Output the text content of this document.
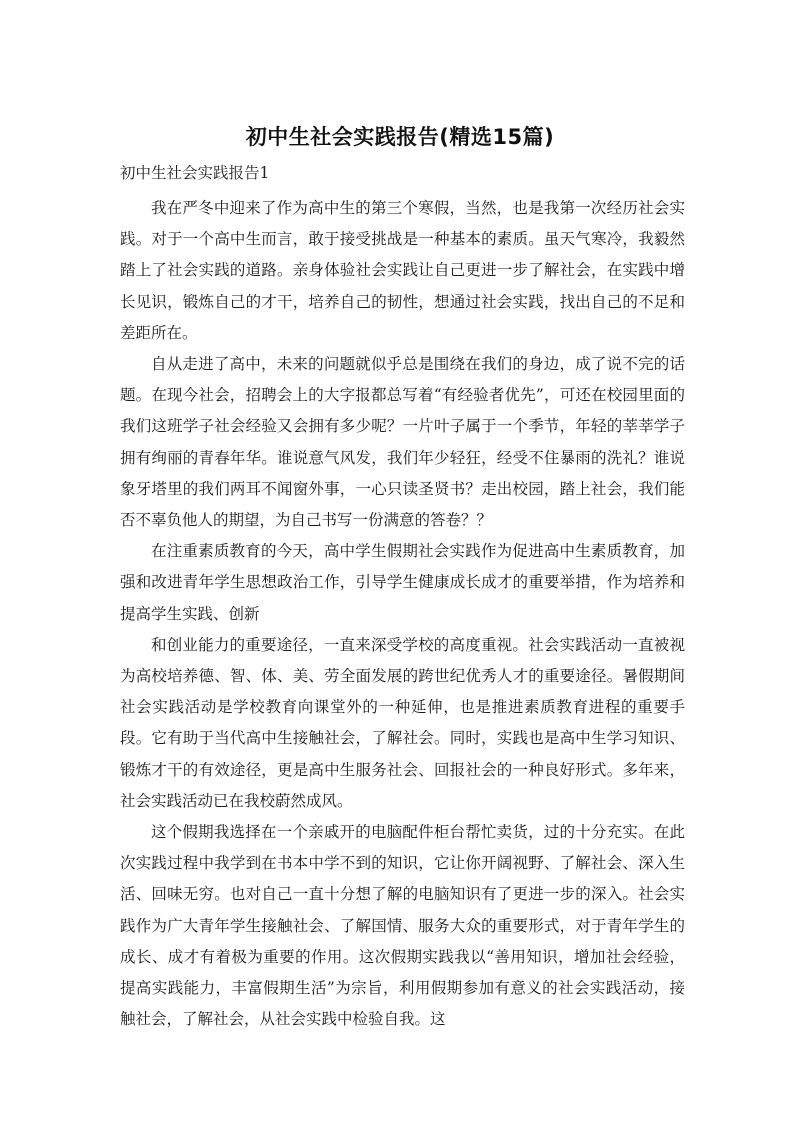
初中生社会实践报告(精选15篇)

初中生社会实践报告1

我在严冬中迎来了作为高中生的第三个寒假，当然，也是我第一次经历社会实践。对于一个高中生而言，敢于接受挑战是一种基本的素质。虽天气寒冷，我毅然踏上了社会实践的道路。亲身体验社会实践让自己更进一步了解社会，在实践中增长见识，锻炼自己的才干，培养自己的韧性，想通过社会实践，找出自己的不足和差距所在。

自从走进了高中，未来的问题就似乎总是围绕在我们的身边，成了说不完的话题。在现今社会，招聘会上的大字报都总写着“有经验者优先”，可还在校园里面的我们这班学子社会经验又会拥有多少呢？一片叶子属于一个季节，年轻的莘莘学子拥有绚丽的青春年华。谁说意气风发，我们年少轻狂，经受不住暴雨的洗礼？谁说象牙塔里的我们两耳不闻窗外事，一心只读圣贤书？走出校园，踏上社会，我们能否不辜负他人的期望，为自己书写一份满意的答卷？？

在注重素质教育的今天，高中学生假期社会实践作为促进高中生素质教育，加强和改进青年学生思想政治工作，引导学生健康成长成才的重要举措，作为培养和提高学生实践、创新

和创业能力的重要途径，一直来深受学校的高度重视。社会实践活动一直被视为高校培养德、智、体、美、劳全面发展的跨世纪优秀人才的重要途径。暑假期间社会实践活动是学校教育向课堂外的一种延伸，也是推进素质教育进程的重要手段。它有助于当代高中生接触社会，了解社会。同时，实践也是高中生学习知识、锻炼才干的有效途径，更是高中生服务社会、回报社会的一种良好形式。多年来，社会实践活动已在我校蔚然成风。

这个假期我选择在一个亲戚开的电脑配件柜台帮忙卖货，过的十分充实。在此次实践过程中我学到在书本中学不到的知识，它让你开阔视野、了解社会、深入生活、回味无穷。也对自己一直十分想了解的电脑知识有了更进一步的深入。社会实践作为广大青年学生接触社会、了解国情、服务大众的重要形式，对于青年学生的成长、成才有着极为重要的作用。这次假期实践我以“善用知识，增加社会经验，提高实践能力，丰富假期生活”为宗旨，利用假期参加有意义的社会实践活动，接触社会，了解社会，从社会实践中检验自我。这
